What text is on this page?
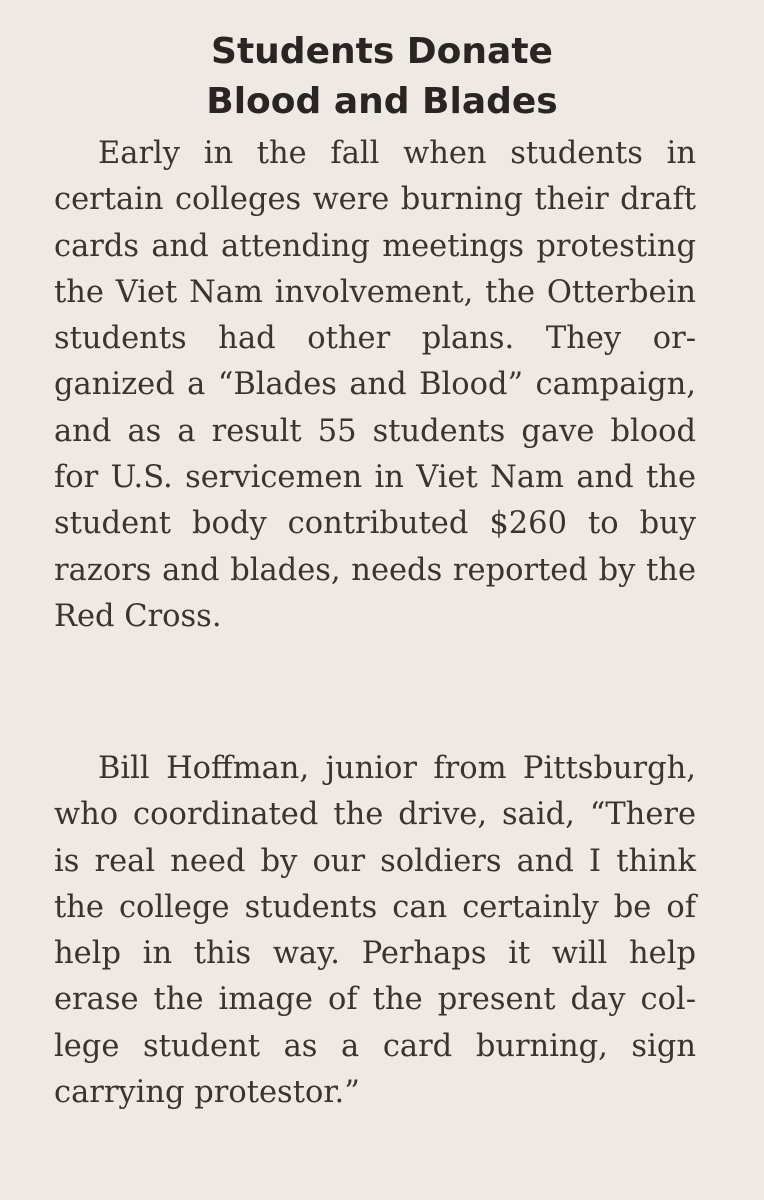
Students Donate
Blood and Blades

Early in the fall when students in certain colleges were burning their draft cards and attending meetings protesting the Viet Nam involvement, the Otterbein students had other plans. They organized a “Blades and Blood” campaign, and as a result 55 students gave blood for U.S. servicemen in Viet Nam and the student body contributed $260 to buy razors and blades, needs reported by the Red Cross.

Bill Hoffman, junior from Pittsburgh, who coordinated the drive, said, “There is real need by our soldiers and I think the college students can certainly be of help in this way. Perhaps it will help erase the image of the present day college student as a card burning, sign carrying protestor.”
